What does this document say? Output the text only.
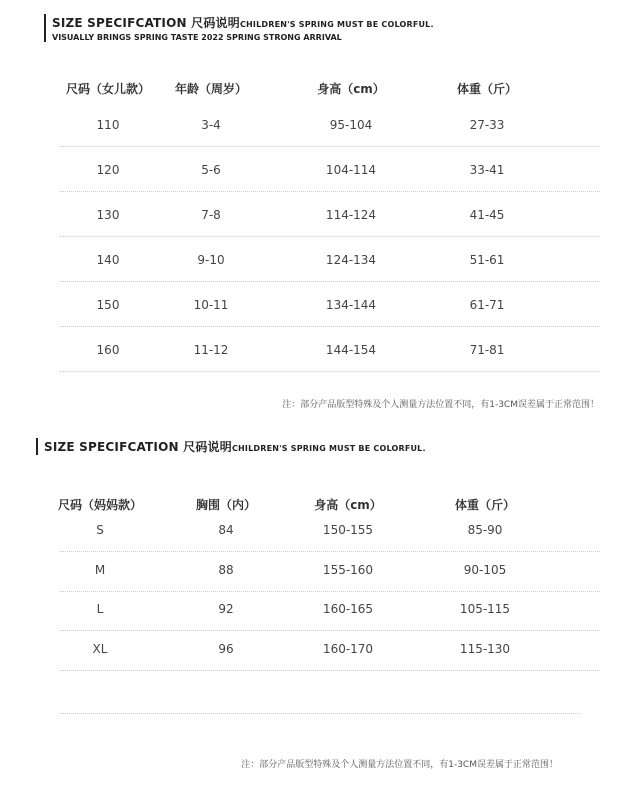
SIZE SPECIFCATION 尺码说明CHILDREN'S SPRING MUST BE COLORFUL.
VISUALLY BRINGS SPRING TASTE 2022 SPRING STRONG ARRIVAL
尺码（女儿款） 年龄（周岁）	身高（cm）	体重（斤）
110	3-4	95-104	27-33
120	5-6	104-114	33-41
130	7-8	114-124	41-45
140	9-10	124-134	51-61
150	10-11	134-144	61-71
160	11-12	144-154	71-81
注：部分产品版型特殊及个人测量方法位置不同，有1-3CM误差属于正常范围！
SIZE SPECIFCATION 尺码说明CHILDREN'S SPRING MUST BE COLORFUL.
尺码（妈妈款）	胸围（内）	身高（cm）	体重（斤）
S	84	150-155	85-90
M	88	155-160	90-105
L	92	160-165	105-115
XL	96	160-170	115-130
注：部分产品版型特殊及个人测量方法位置不同，有1-3CM误差属于正常范围！
